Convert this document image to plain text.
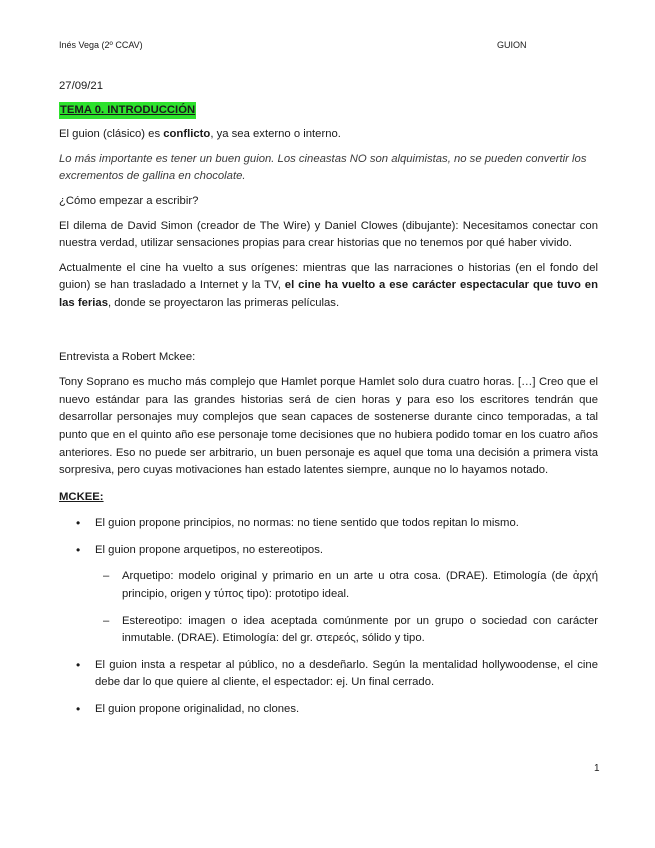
Inés Vega (2º CCAV)	GUION

27/09/21

TEMA 0. INTRODUCCIÓN

El guion (clásico) es conflicto, ya sea externo o interno.

Lo más importante es tener un buen guion. Los cineastas NO son alquimistas, no se pueden convertir los excrementos de gallina en chocolate.

¿Cómo empezar a escribir?

El dilema de David Simon (creador de The Wire) y Daniel Clowes (dibujante): Necesitamos conectar con nuestra verdad, utilizar sensaciones propias para crear historias que no tenemos por qué haber vivido.

Actualmente el cine ha vuelto a sus orígenes: mientras que las narraciones o historias (en el fondo del guion) se han trasladado a Internet y la TV, el cine ha vuelto a ese carácter espectacular que tuvo en las ferias, donde se proyectaron las primeras películas.

Entrevista a Robert Mckee:

Tony Soprano es mucho más complejo que Hamlet porque Hamlet solo dura cuatro horas. […] Creo que el nuevo estándar para las grandes historias será de cien horas y para eso los escritores tendrán que desarrollar personajes muy complejos que sean capaces de sostenerse durante cinco temporadas, a tal punto que en el quinto año ese personaje tome decisiones que no hubiera podido tomar en los cuatro años anteriores. Eso no puede ser arbitrario, un buen personaje es aquel que toma una decisión a primera vista sorpresiva, pero cuyas motivaciones han estado latentes siempre, aunque no lo hayamos notado.

MCKEE:

• El guion propone principios, no normas: no tiene sentido que todos repitan lo mismo.
• El guion propone arquetipos, no estereotipos.
– Arquetipo: modelo original y primario en un arte u otra cosa. (DRAE). Etimología (de ἀρχή principio, origen y τύπος tipo): prototipo ideal.
– Estereotipo: imagen o idea aceptada comúnmente por un grupo o sociedad con carácter inmutable. (DRAE). Etimología: del gr. στερεός, sólido y tipo.
• El guion insta a respetar al público, no a desdeñarlo. Según la mentalidad hollywoodense, el cine debe dar lo que quiere al cliente, el espectador: ej. Un final cerrado.
• El guion propone originalidad, no clones.
1
